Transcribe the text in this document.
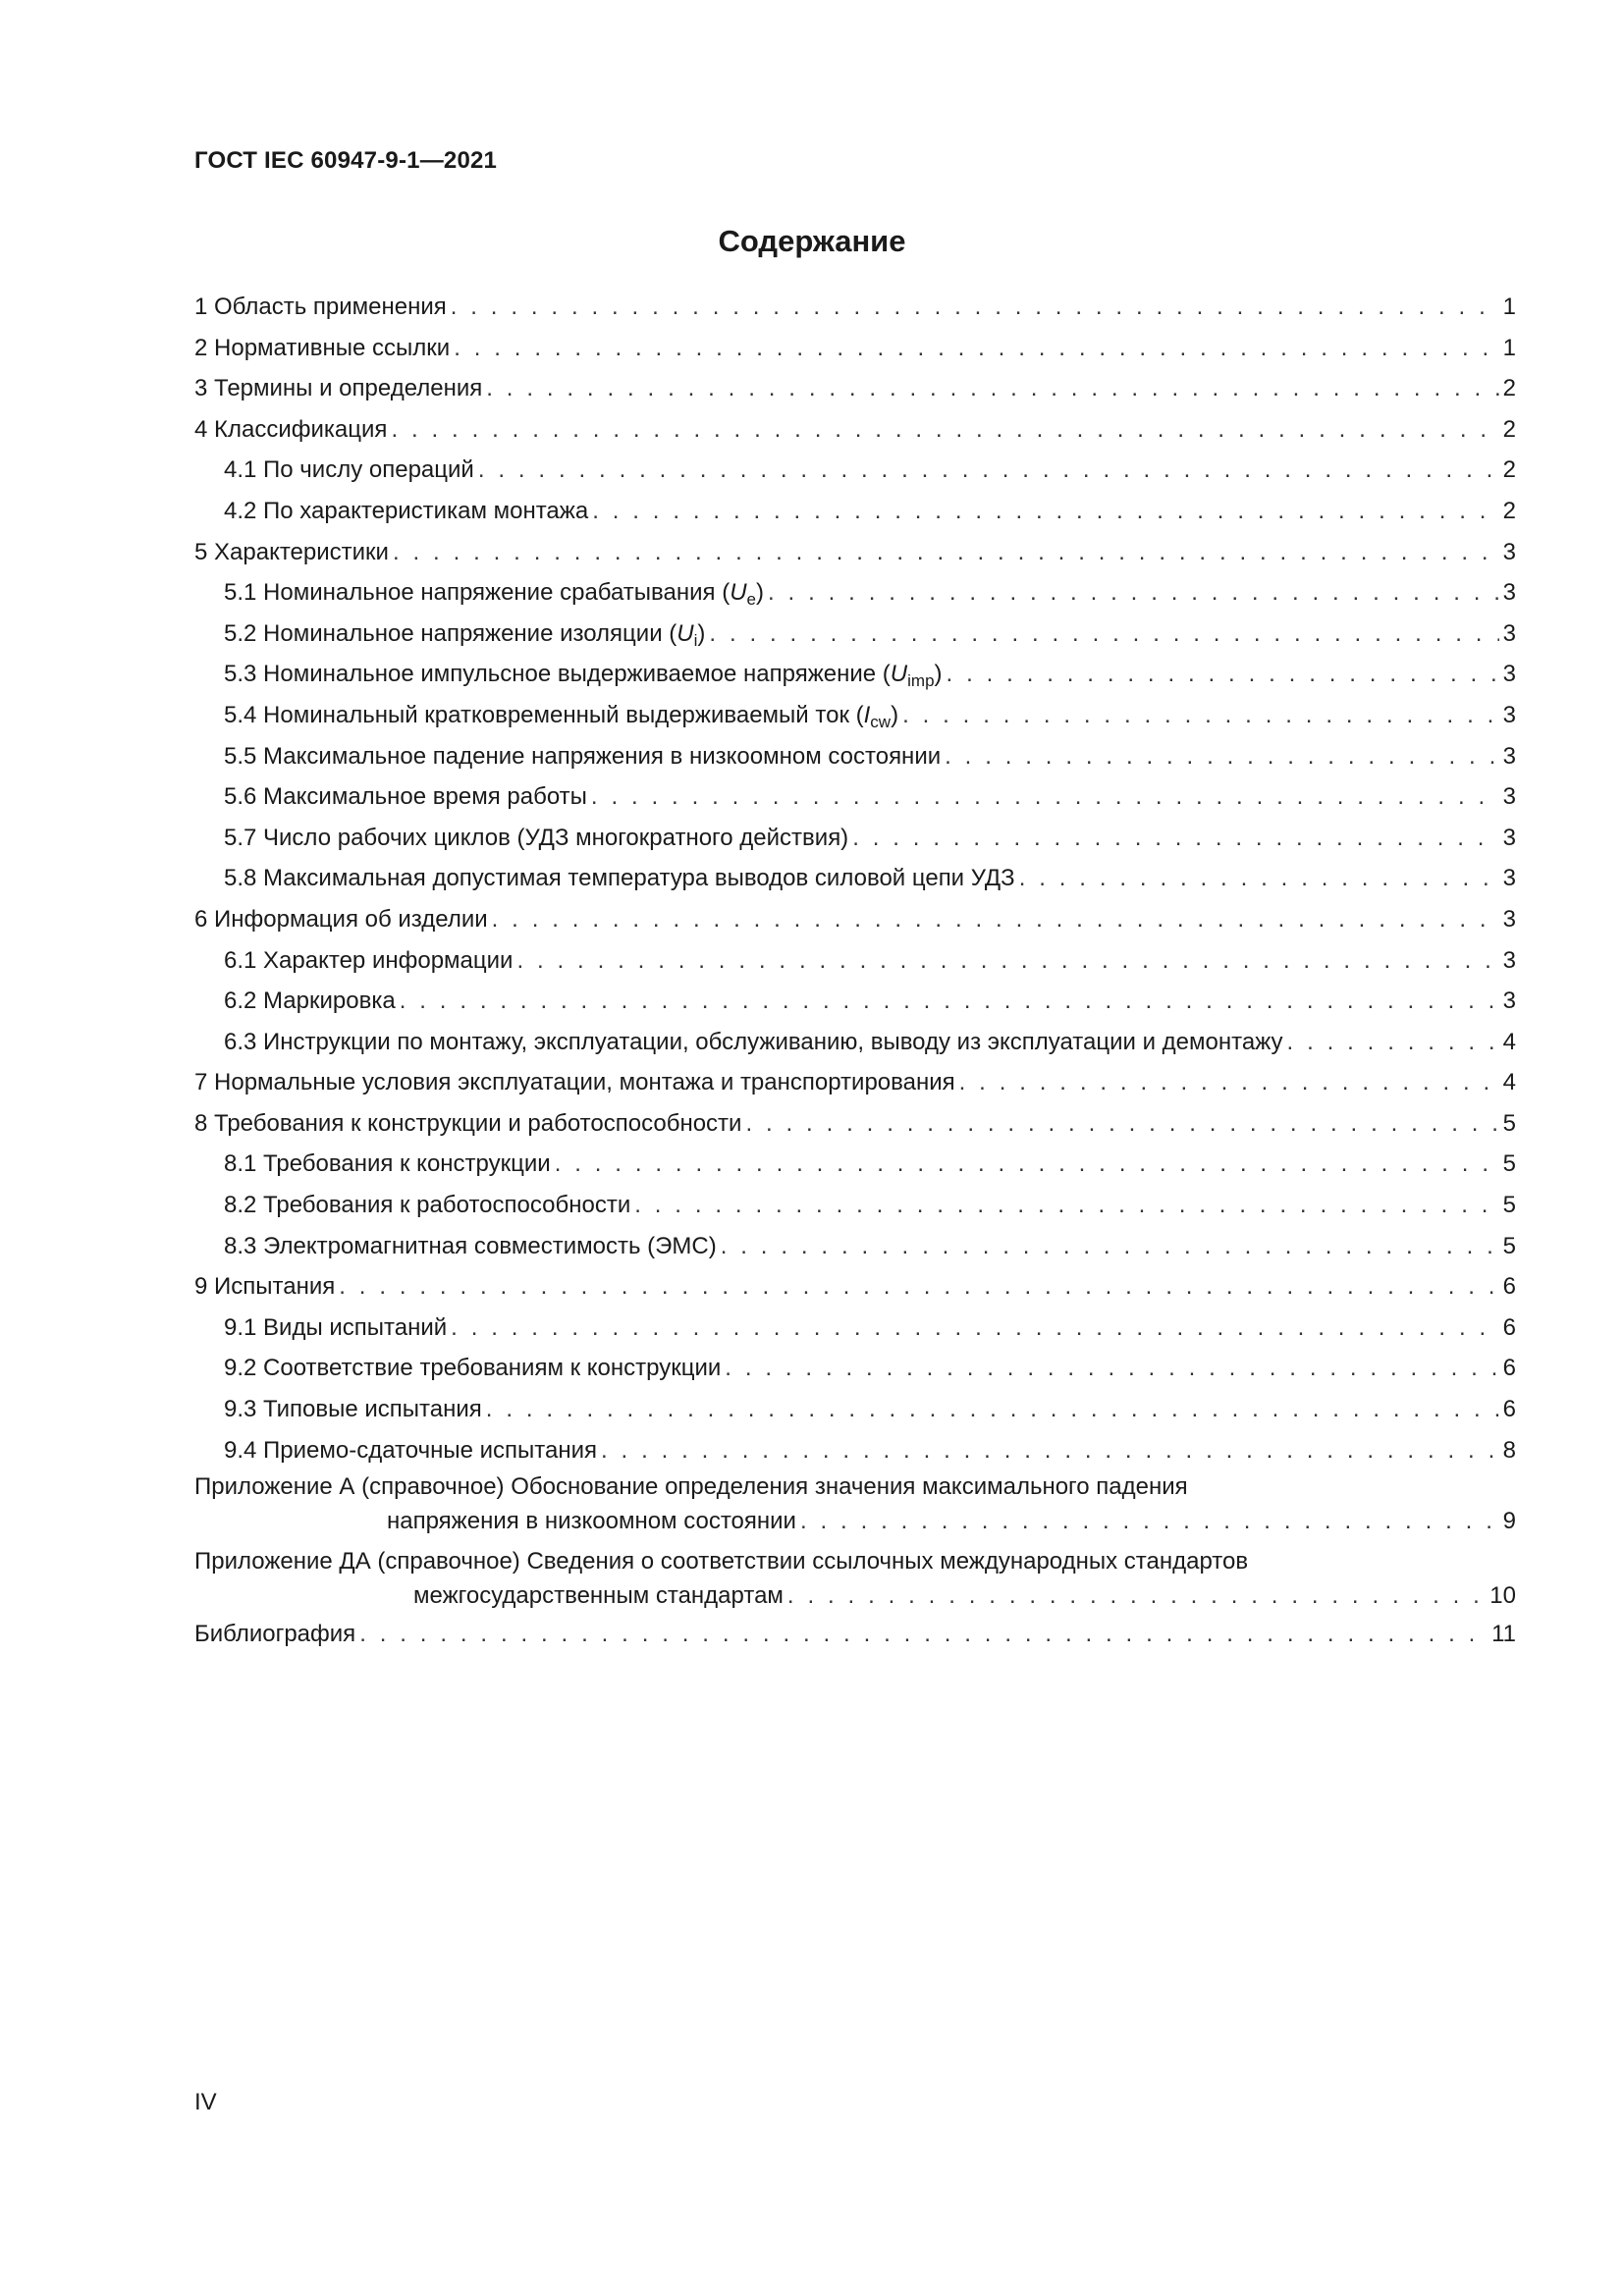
ГОСТ IEC 60947-9-1—2021
Содержание
1 Область применения . . .	1
2 Нормативные ссылки . . .	1
3 Термины и определения . . .	2
4 Классификация . . .	2
4.1 По числу операций . . .	2
4.2 По характеристикам монтажа . . .	2
5 Характеристики . . .	3
5.1 Номинальное напряжение срабатывания $(U_e)$ . . .	3
5.2 Номинальное напряжение изоляции $(U_i)$ . . .	3
5.3 Номинальное импульсное выдерживаемое напряжение $(U_{imp})$ . . .	3
5.4 Номинальный кратковременный выдерживаемый ток $(I_{cw})$ . . .	3
5.5 Максимальное падение напряжения в низкоомном состоянии . . .	3
5.6 Максимальное время работы . . .	3
5.7 Число рабочих циклов (УДЗ многократного действия) . . .	3
5.8 Максимальная допустимая температура выводов силовой цепи УДЗ . . .	3
6 Информация об изделии . . .	3
6.1 Характер информации . . .	3
6.2 Маркировка . . .	3
6.3 Инструкции по монтажу, эксплуатации, обслуживанию, выводу из эксплуатации и демонтажу . . .	4
7 Нормальные условия эксплуатации, монтажа и транспортирования . . .	4
8 Требования к конструкции и работоспособности . . .	5
8.1 Требования к конструкции . . .	5
8.2 Требования к работоспособности . . .	5
8.3 Электромагнитная совместимость (ЭМС) . . .	5
9 Испытания . . .	6
9.1 Виды испытаний . . .	6
9.2 Соответствие требованиям к конструкции . . .	6
9.3 Типовые испытания . . .	6
9.4 Приемо-сдаточные испытания . . .	8
Приложение А (справочное) Обоснование определения значения максимального падения
напряжения в низкоомном состоянии . . .	9
Приложение ДА (справочное) Сведения о соответствии ссылочных международных стандартов
межгосударственным стандартам . . .	10
Библиография . . .	11
IV
